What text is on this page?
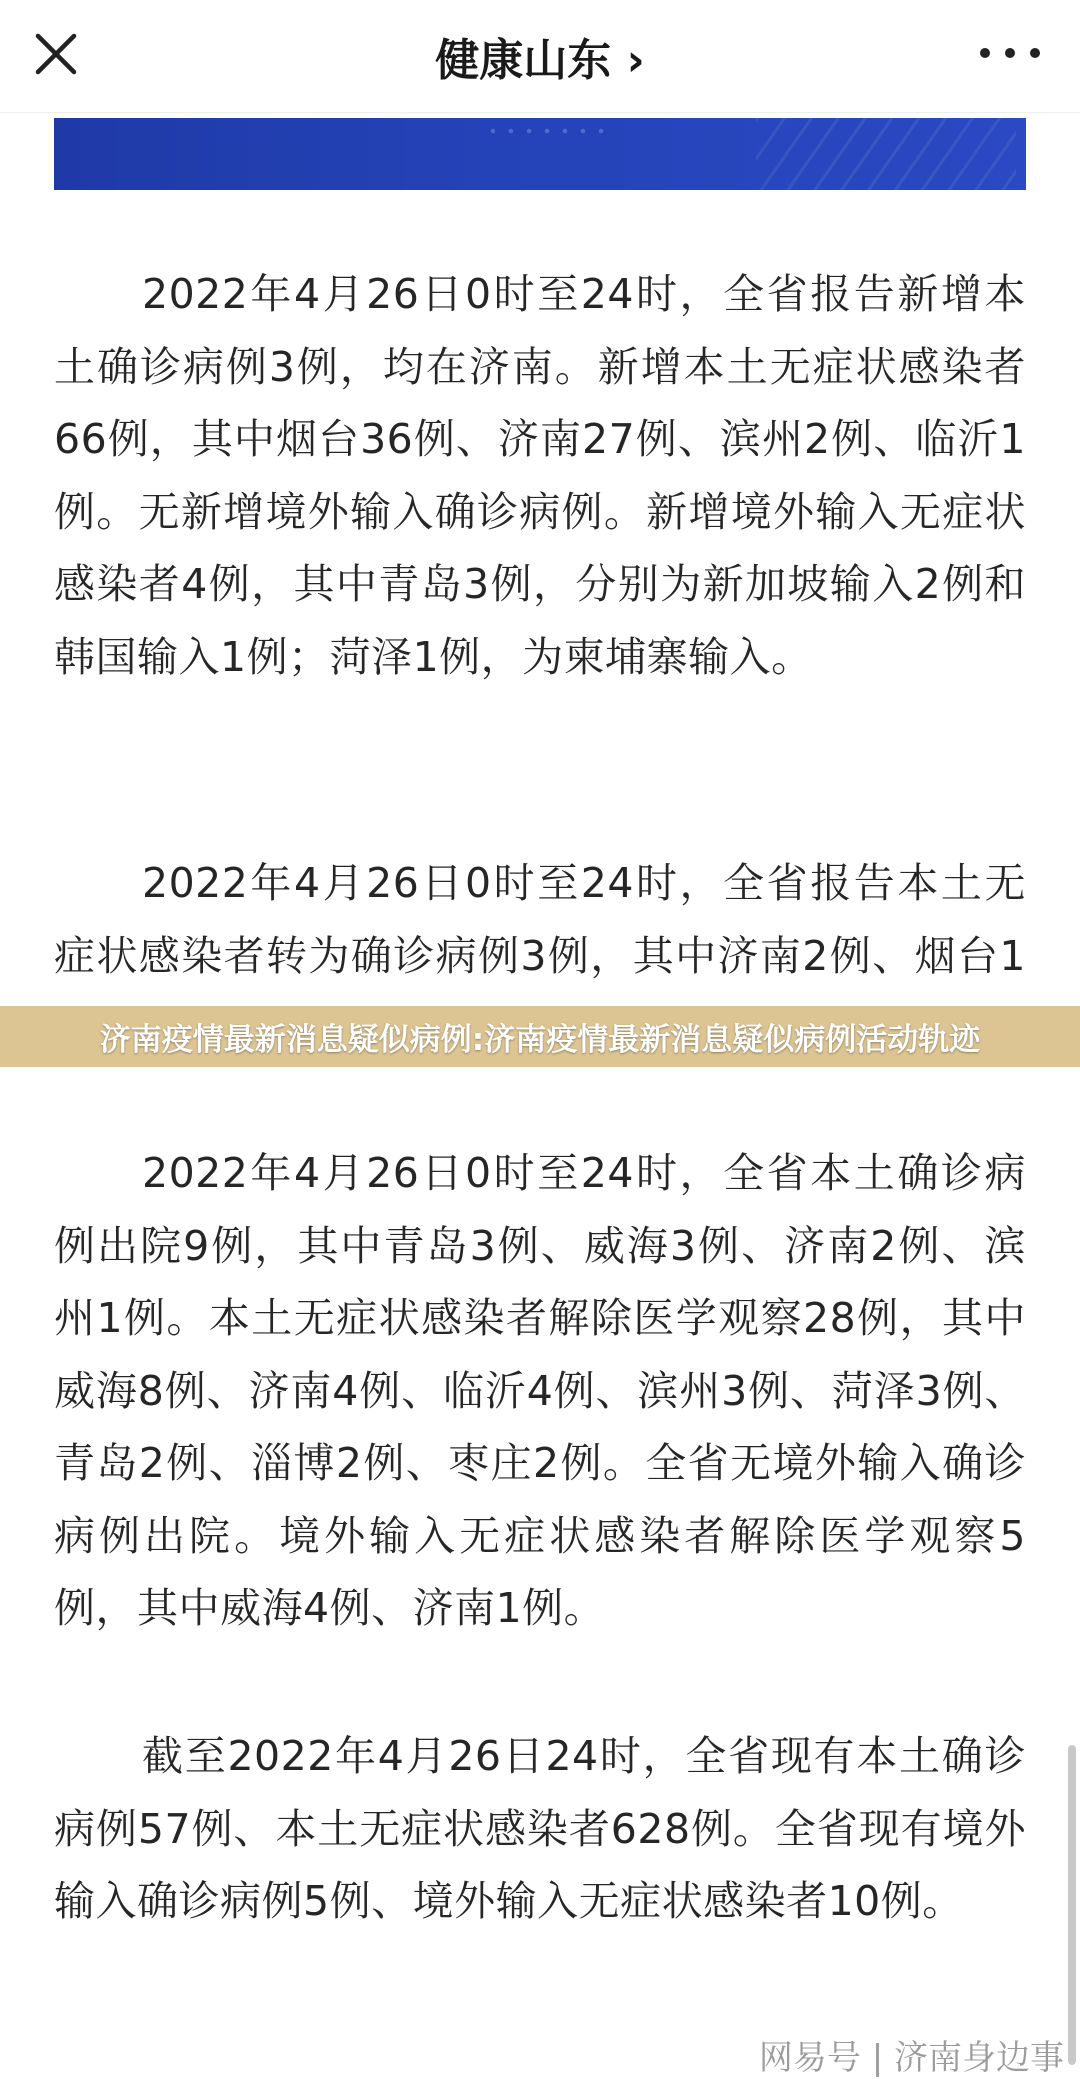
健康山东 ›

2022年4月26日0时至24时，全省报告新增本土确诊病例3例，均在济南。新增本土无症状感染者66例，其中烟台36例、济南27例、滨州2例、临沂1例。无新增境外输入确诊病例。新增境外输入无症状感染者4例，其中青岛3例，分别为新加坡输入2例和韩国输入1例；菏泽1例，为柬埔寨输入。

2022年4月26日0时至24时，全省报告本土无症状感染者转为确诊病例3例，其中济南2例、烟台1

2022年4月26日0时至24时，全省本土确诊病例出院9例，其中青岛3例、威海3例、济南2例、滨州1例。本土无症状感染者解除医学观察28例，其中威海8例、济南4例、临沂4例、滨州3例、菏泽3例、青岛2例、淄博2例、枣庄2例。全省无境外输入确诊病例出院。境外输入无症状感染者解除医学观察5例，其中威海4例、济南1例。

截至2022年4月26日24时，全省现有本土确诊病例57例、本土无症状感染者628例。全省现有境外输入确诊病例5例、境外输入无症状感染者10例。

济南疫情最新消息疑似病例:济南疫情最新消息疑似病例活动轨迹
网易号 | 济南身边事
